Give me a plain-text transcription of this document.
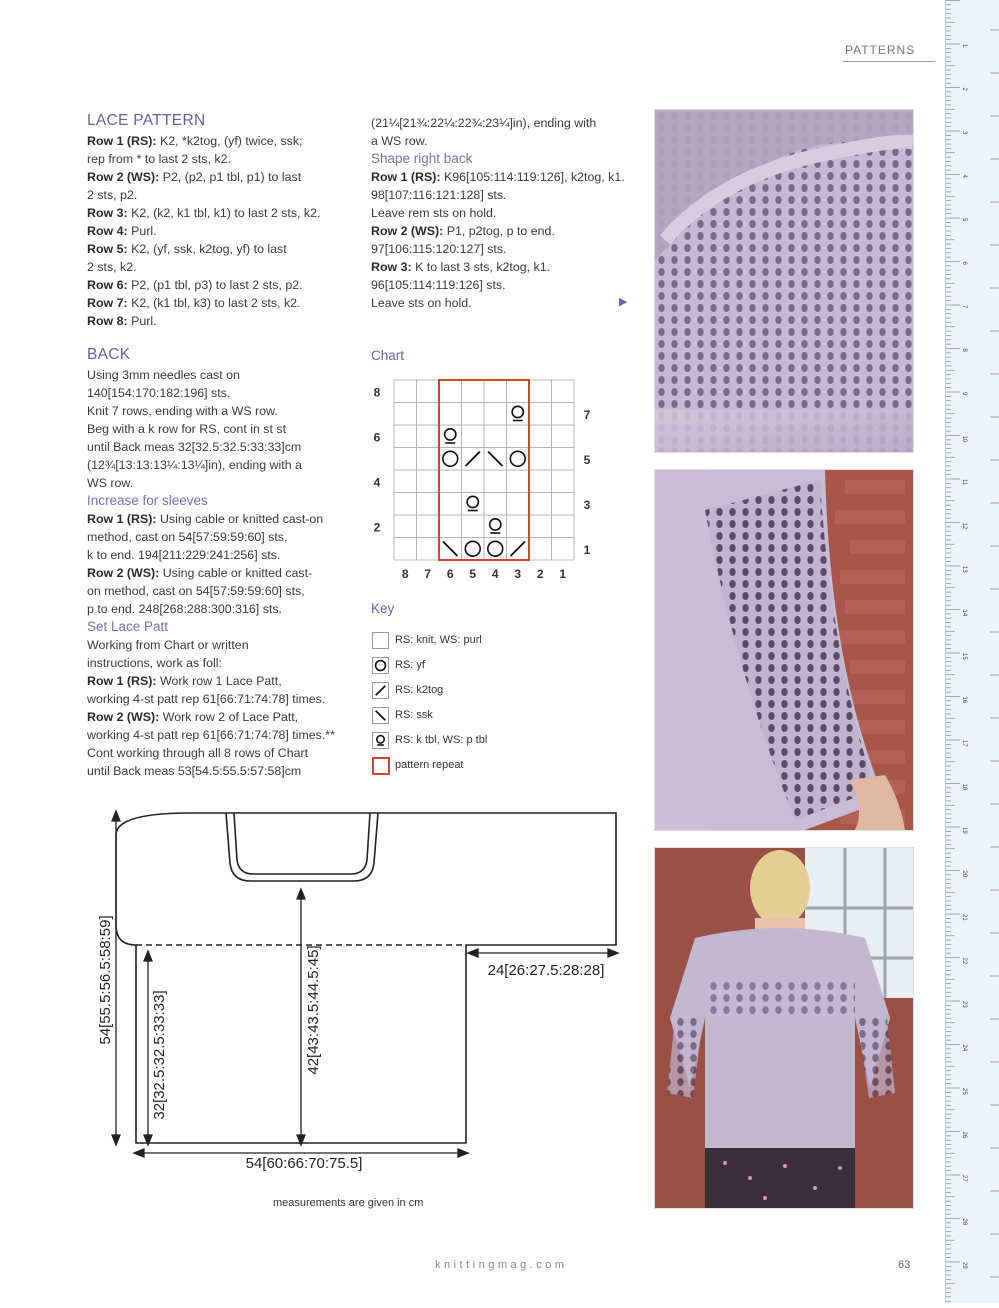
PATTERNS
LACE PATTERN

Row 1 (RS): K2, *k2tog, (yf) twice, ssk;

rep from * to last 2 sts, k2.

Row 2 (WS): P2, (p2, p1 tbl, p1) to last

2 sts, p2.

Row 3: K2, (k2, k1 tbl, k1) to last 2 sts, k2.

Row 4: Purl.

Row 5: K2, (yf, ssk, k2tog, yf) to last

2 sts, k2.

Row 6: P2, (p1 tbl, p3) to last 2 sts, p2.

Row 7: K2, (k1 tbl, k3) to last 2 sts, k2.

Row 8: Purl.

BACK

Using 3mm needles cast on

140[154:170:182:196] sts.

Knit 7 rows, ending with a WS row.

Beg with a k row for RS, cont in st st

until Back meas 32[32.5:32.5:33:33]cm

(12¾[13:13:13¼:13¼]in), ending with a

WS row.

Increase for sleeves

Row 1 (RS): Using cable or knitted cast-on

method, cast on 54[57:59:59:60] sts,

k to end. 194[211:229:241:256] sts.

Row 2 (WS): Using cable or knitted cast-

on method, cast on 54[57:59:59:60] sts,

p to end. 248[268:288:300:316] sts.

Set Lace Patt

Working from Chart or written

instructions, work as foll:

Row 1 (RS): Work row 1 Lace Patt,

working 4-st patt rep 61[66:71:74:78] times.

Row 2 (WS): Work row 2 of Lace Patt,

working 4-st patt rep 61[66:71:74:78] times.**

Cont working through all 8 rows of Chart

until Back meas 53[54.5:55.5:57:58]cm

(21¼[21¾:22¼:22¾:23¼]in), ending with

a WS row.

Shape right back

Row 1 (RS): K96[105:114:119:126], k2tog, k1.

98[107:116:121:128] sts.

Leave rem sts on hold.

Row 2 (WS): P1, p2tog, p to end.

97[106:115:120:127] sts.

Row 3: K to last 3 sts, k2tog, k1.

96[105:114:119:126] sts.

Leave sts on hold.	▶
Chart
8
6
4
2
7
5
3
1
8 7 6 5 4 3 2 1
Key
RS: knit, WS: purl
RS: yf
RS: k2tog
RS: ssk
RS: k tbl, WS: p tbl
pattern repeat
54[55.5:56.5:58:59]
32[32.5:32.5:33:33]	42[43:43.5:44.5:45]	24[26:27.5:28:28]
54[60:66:70:75.5]
measurements are given in cm
1
2
3
4
5
6
7
8
9
10
11
12
13
14
15
16
17
18
19
20
21
22
23
24
25
26
27
28
29
knittingmag.com	63
